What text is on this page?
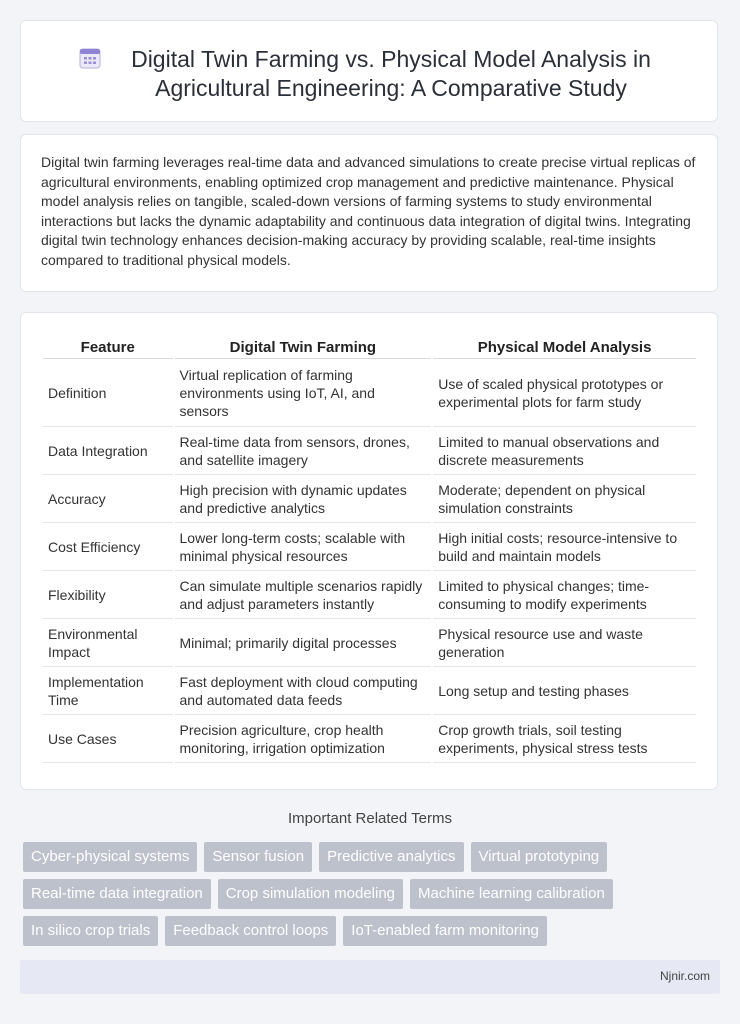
Digital Twin Farming vs. Physical Model Analysis in Agricultural Engineering: A Comparative Study

Digital twin farming leverages real-time data and advanced simulations to create precise virtual replicas of agricultural environments, enabling optimized crop management and predictive maintenance. Physical model analysis relies on tangible, scaled-down versions of farming systems to study environmental interactions but lacks the dynamic adaptability and continuous data integration of digital twins. Integrating digital twin technology enhances decision-making accuracy by providing scalable, real-time insights compared to traditional physical models.

Feature	Digital Twin Farming	Physical Model Analysis
Definition	Virtual replication of farming environments using IoT, AI, and sensors	Use of scaled physical prototypes or experimental plots for farm study
Data Integration	Real-time data from sensors, drones, and satellite imagery	Limited to manual observations and discrete measurements
Accuracy	High precision with dynamic updates and predictive analytics	Moderate; dependent on physical simulation constraints
Cost Efficiency	Lower long-term costs; scalable with minimal physical resources	High initial costs; resource-intensive to build and maintain models
Flexibility	Can simulate multiple scenarios rapidly and adjust parameters instantly	Limited to physical changes; time-consuming to modify experiments
Environmental Impact	Minimal; primarily digital processes	Physical resource use and waste generation
Implementation Time	Fast deployment with cloud computing and automated data feeds	Long setup and testing phases
Use Cases	Precision agriculture, crop health monitoring, irrigation optimization	Crop growth trials, soil testing experiments, physical stress tests
Important Related Terms
Cyber-physical systems	Sensor fusion	Predictive analytics	Virtual prototyping
Real-time data integration	Crop simulation modeling	Machine learning calibration
In silico crop trials	Feedback control loops	IoT-enabled farm monitoring
Njnir.com
